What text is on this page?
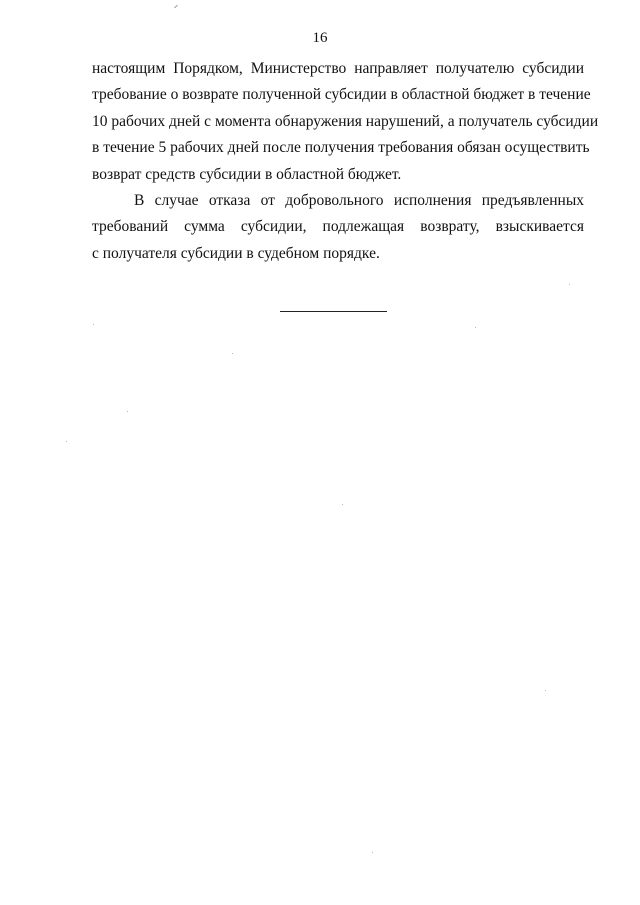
16
настоящим Порядком, Министерство направляет получателю субсидии
требование о возврате полученной субсидии в областной бюджет в течение
10 рабочих дней с момента обнаружения нарушений, а получатель субсидии
в течение 5 рабочих дней после получения требования обязан осуществить
возврат средств субсидии в областной бюджет.
В случае отказа от добровольного исполнения предъявленных
требований сумма субсидии, подлежащая возврату, взыскивается
с получателя субсидии в судебном порядке.
